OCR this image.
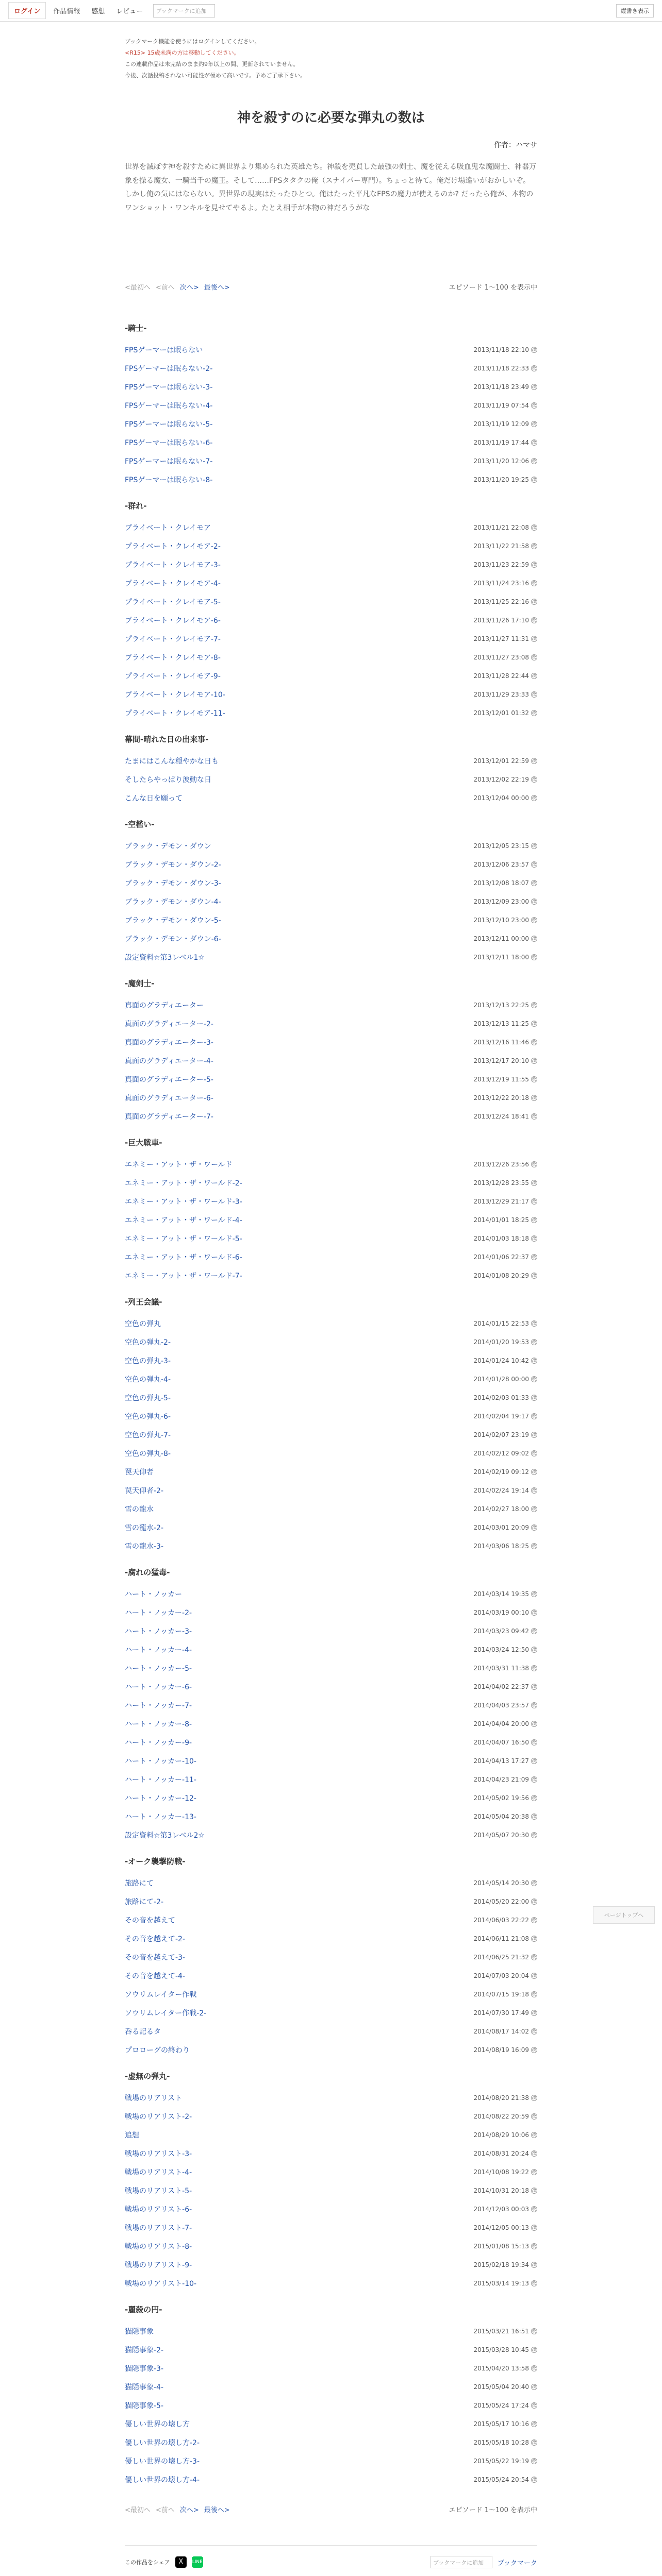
ログイン	作品情報	感想	レビュー	ブックマークに追加	縦書き表示
ブックマーク機能を使うにはログインしてください。
<R15> 15歳未満の方は移動してください。
この連載作品は未完結のまま約9年以上の間、更新されていません。
今後、次話投稿されない可能性が極めて高いです。予めご了承下さい。
神を殺すのに必要な弾丸の数は
作者：ハマサ
世界を滅ぼす神を殺すために異世界より集められた英雄たち。神殺を売買した最強の剣士、魔を従える吸血鬼な魔闘士、神器万象を操る魔女、一騎当千の魔王。そして……FPSタタクの俺（スナイパー専門）。ちょっと待て。俺だけ場違いがおかしいぞ。しかし俺の気にはならない。異世界の現実はたったひとつ。俺はたった平凡なFPSの魔力が使えるのか? だったら俺が、本物のワンショット・ワンキルを見せてやるよ。たとえ相手が本物の神だろうがな
<最初へ <前へ 次へ> 最後へ>	エピソード 1～100 を表示中
-騎士-
FPSゲーマーは眠らない	2013/11/18 22:10 改
FPSゲーマーは眠らない-2-	2013/11/18 22:33 改
FPSゲーマーは眠らない-3-	2013/11/18 23:49 改
FPSゲーマーは眠らない-4-	2013/11/19 07:54 改
FPSゲーマーは眠らない-5-	2013/11/19 12:09 改
FPSゲーマーは眠らない-6-	2013/11/19 17:44 改
FPSゲーマーは眠らない-7-	2013/11/20 12:06 改
FPSゲーマーは眠らない-8-	2013/11/20 19:25 改
-群れ-
プライベート・クレイモア	2013/11/21 22:08 改
プライベート・クレイモア-2-	2013/11/22 21:58 改
プライベート・クレイモア-3-	2013/11/23 22:59 改
プライベート・クレイモア-4-	2013/11/24 23:16 改
プライベート・クレイモア-5-	2013/11/25 22:16 改
プライベート・クレイモア-6-	2013/11/26 17:10 改
プライベート・クレイモア-7-	2013/11/27 11:31 改
プライベート・クレイモア-8-	2013/11/27 23:08 改
プライベート・クレイモア-9-	2013/11/28 22:44 改
プライベート・クレイモア-10-	2013/11/29 23:33 改
プライベート・クレイモア-11-	2013/12/01 01:32 改
幕間-晴れた日の出来事-
たまにはこんな穏やかな日も	2013/12/01 22:59 改
そしたらやっぱり波動な日	2013/12/02 22:19 改
こんな日を願って	2013/12/04 00:00 改
-空檻い-
ブラック・デモン・ダウン	2013/12/05 23:15 改
ブラック・デモン・ダウン-2-	2013/12/06 23:57 改
ブラック・デモン・ダウン-3-	2013/12/08 18:07 改
ブラック・デモン・ダウン-4-	2013/12/09 23:00 改
ブラック・デモン・ダウン-5-	2013/12/10 23:00 改
ブラック・デモン・ダウン-6-	2013/12/11 00:00 改
設定資料☆第3レベル1☆	2013/12/11 18:00 改
-魔剣士-
真面のグラディエーター	2013/12/13 22:25 改
真面のグラディエーター-2-	2013/12/13 11:25 改
真面のグラディエーター-3-	2013/12/16 11:46 改
真面のグラディエーター-4-	2013/12/17 20:10 改
真面のグラディエーター-5-	2013/12/19 11:55 改
真面のグラディエーター-6-	2013/12/22 20:18 改
真面のグラディエーター-7-	2013/12/24 18:41 改
-巨大戦車-
エネミー・アット・ザ・ワールド	2013/12/26 23:56 改
エネミー・アット・ザ・ワールド-2-	2013/12/28 23:55 改
エネミー・アット・ザ・ワールド-3-	2013/12/29 21:17 改
エネミー・アット・ザ・ワールド-4-	2014/01/01 18:25 改
エネミー・アット・ザ・ワールド-5-	2014/01/03 18:18 改
エネミー・アット・ザ・ワールド-6-	2014/01/06 22:37 改
エネミー・アット・ザ・ワールド-7-	2014/01/08 20:29 改
-列王会議-
空色の弾丸	2014/01/15 22:53 改
空色の弾丸-2-	2014/01/20 19:53 改
空色の弾丸-3-	2014/01/24 10:42 改
空色の弾丸-4-	2014/01/28 00:00 改
空色の弾丸-5-	2014/02/03 01:33 改
空色の弾丸-6-	2014/02/04 19:17 改
空色の弾丸-7-	2014/02/07 23:19 改
空色の弾丸-8-	2014/02/12 09:02 改
罠天仰者	2014/02/19 09:12 改
罠天仰者-2-	2014/02/24 19:14 改
雪の龍水	2014/02/27 18:00 改
雪の龍水-2-	2014/03/01 20:09 改
雪の龍水-3-	2014/03/06 18:25 改
-腐れの猛毒-
ハート・ノッカー	2014/03/14 19:35 改
ハート・ノッカー-2-	2014/03/19 00:10 改
ハート・ノッカー-3-	2014/03/23 09:42 改
ハート・ノッカー-4-	2014/03/24 12:50 改
ハート・ノッカー-5-	2014/03/31 11:38 改
ハート・ノッカー-6-	2014/04/02 22:37 改
ハート・ノッカー-7-	2014/04/03 23:57 改
ハート・ノッカー-8-	2014/04/04 20:00 改
ハート・ノッカー-9-	2014/04/07 16:50 改
ハート・ノッカー-10-	2014/04/13 17:27 改
ハート・ノッカー-11-	2014/04/23 21:09 改
ハート・ノッカー-12-	2014/05/02 19:56 改
ハート・ノッカー-13-	2014/05/04 20:38 改
設定資料☆第3レベル2☆	2014/05/07 20:30 改
-オーク襲撃防戦-
旅路にて	2014/05/14 20:30 改
旅路にて-2-	2014/05/20 22:00 改
その音を越えて	2014/06/03 22:22 改
その音を越えて-2-	2014/06/11 21:08 改
その音を越えて-3-	2014/06/25 21:32 改
その音を越えて-4-	2014/07/03 20:04 改
ソウリムレイター作戦	2014/07/15 19:18 改
ソウリムレイター作戦-2-	2014/07/30 17:49 改
呑る記るタ	2014/08/17 14:02 改
プロローグの終わり	2014/08/19 16:09 改
-虚無の弾丸-
戦場のリアリスト	2014/08/20 21:38 改
戦場のリアリスト-2-	2014/08/22 20:59 改
追想	2014/08/29 10:06 改
戦場のリアリスト-3-	2014/08/31 20:24 改
戦場のリアリスト-4-	2014/10/08 19:22 改
戦場のリアリスト-5-	2014/10/31 20:18 改
戦場のリアリスト-6-	2014/12/03 00:03 改
戦場のリアリスト-7-	2014/12/05 00:13 改
戦場のリアリスト-8-	2015/01/08 15:13 改
戦場のリアリスト-9-	2015/02/18 19:34 改
戦場のリアリスト-10-	2015/03/14 19:13 改
-麗殺の円-
猫隠事象	2015/03/21 16:51 改
猫隠事象-2-	2015/03/28 10:45 改
猫隠事象-3-	2015/04/20 13:58 改
猫隠事象-4-	2015/05/04 20:40 改
猫隠事象-5-	2015/05/24 17:24 改
優しい世界の壊し方	2015/05/17 10:16 改
優しい世界の壊し方-2-	2015/05/18 10:28 改
優しい世界の壊し方-3-	2015/05/22 19:19 改
優しい世界の壊し方-4-	2015/05/24 20:54 改
<最初へ <前へ 次へ> 最後へ>	エピソード 1～100 を表示中
この作品をシェア	X	LINE	ブックマークに追加	ブックマーク
ページトップへ
